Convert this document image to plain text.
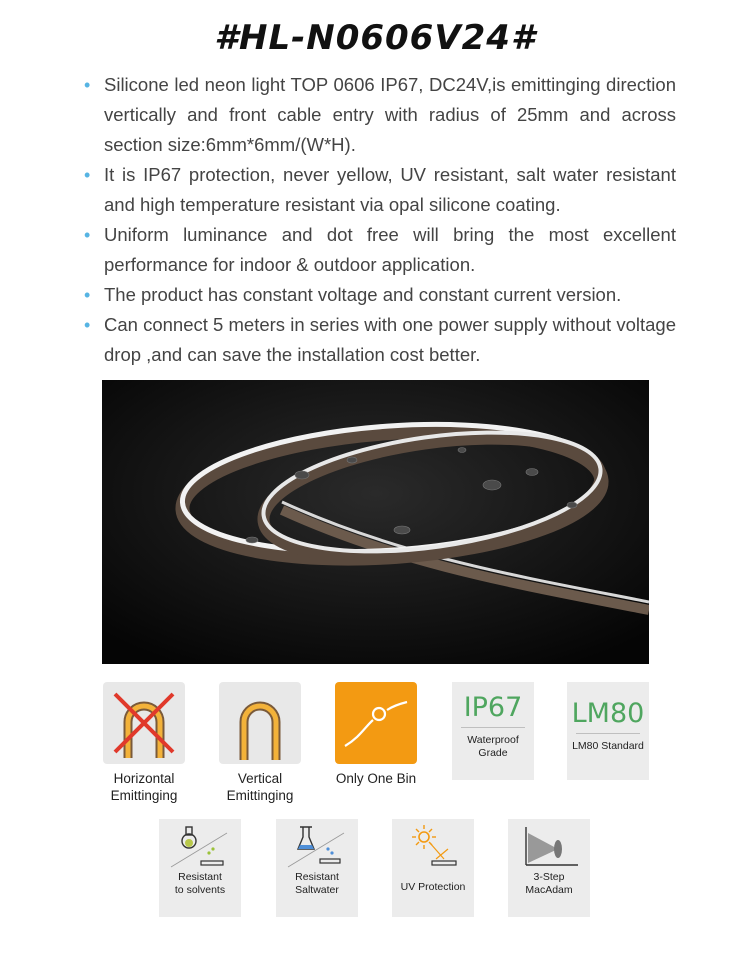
#HL-N0606V24#
• Silicone led neon light TOP 0606 IP67, DC24V,is emittinging direction vertically and front cable entry with radius of 25mm and across section size:6mm*6mm/(W*H).
• It is IP67 protection, never yellow, UV resistant, salt water resistant and high temperature resistant via opal silicone coating.
• Uniform luminance and dot free will bring the most excellent performance for indoor & outdoor application.
• The product has constant voltage and constant current version.
• Can connect 5 meters in series with one power supply without voltage drop ,and can save the installation cost better.
Horizontal
Emittinging
Vertical
Emittinging
Only One Bin
IP67
Waterproof
Grade
LM80
LM80 Standard
Resistant
to solvents
Resistant
Saltwater	UV Protection
3-Step
MacAdam
